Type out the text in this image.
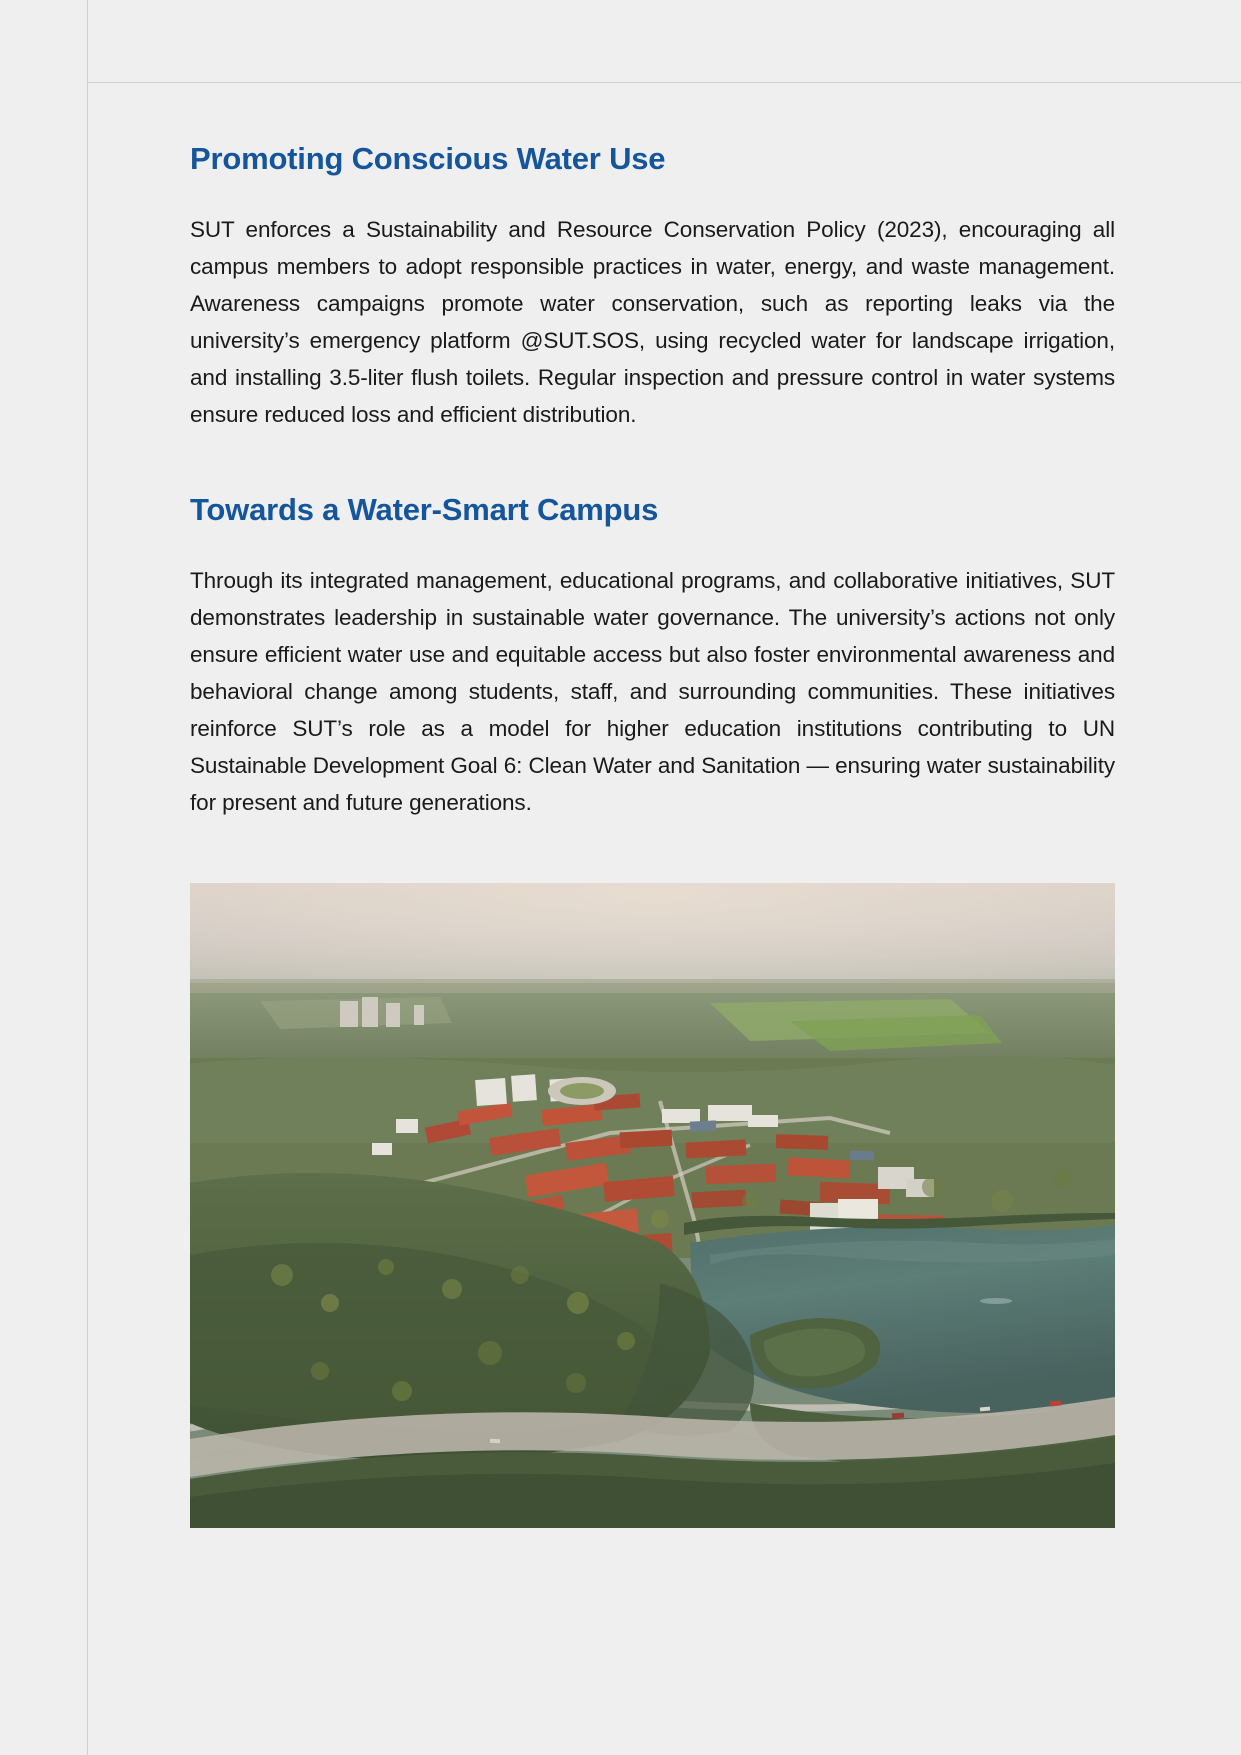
Promoting Conscious Water Use

SUT enforces a Sustainability and Resource Conservation Policy (2023), encouraging all campus members to adopt responsible practices in water, energy, and waste management. Awareness campaigns promote water conservation, such as reporting leaks via the university’s emergency platform @SUT.SOS, using recycled water for landscape irrigation, and installing 3.5-liter flush toilets. Regular inspection and pressure control in water systems ensure reduced loss and efficient distribution.

Towards a Water-Smart Campus

Through its integrated management, educational programs, and collaborative initiatives, SUT demonstrates leadership in sustainable water governance. The university’s actions not only ensure efficient water use and equitable access but also foster environmental awareness and behavioral change among students, staff, and surrounding communities. These initiatives reinforce SUT’s role as a model for higher education institutions contributing to UN Sustainable Development Goal 6: Clean Water and Sanitation — ensuring water sustainability for present and future generations.
